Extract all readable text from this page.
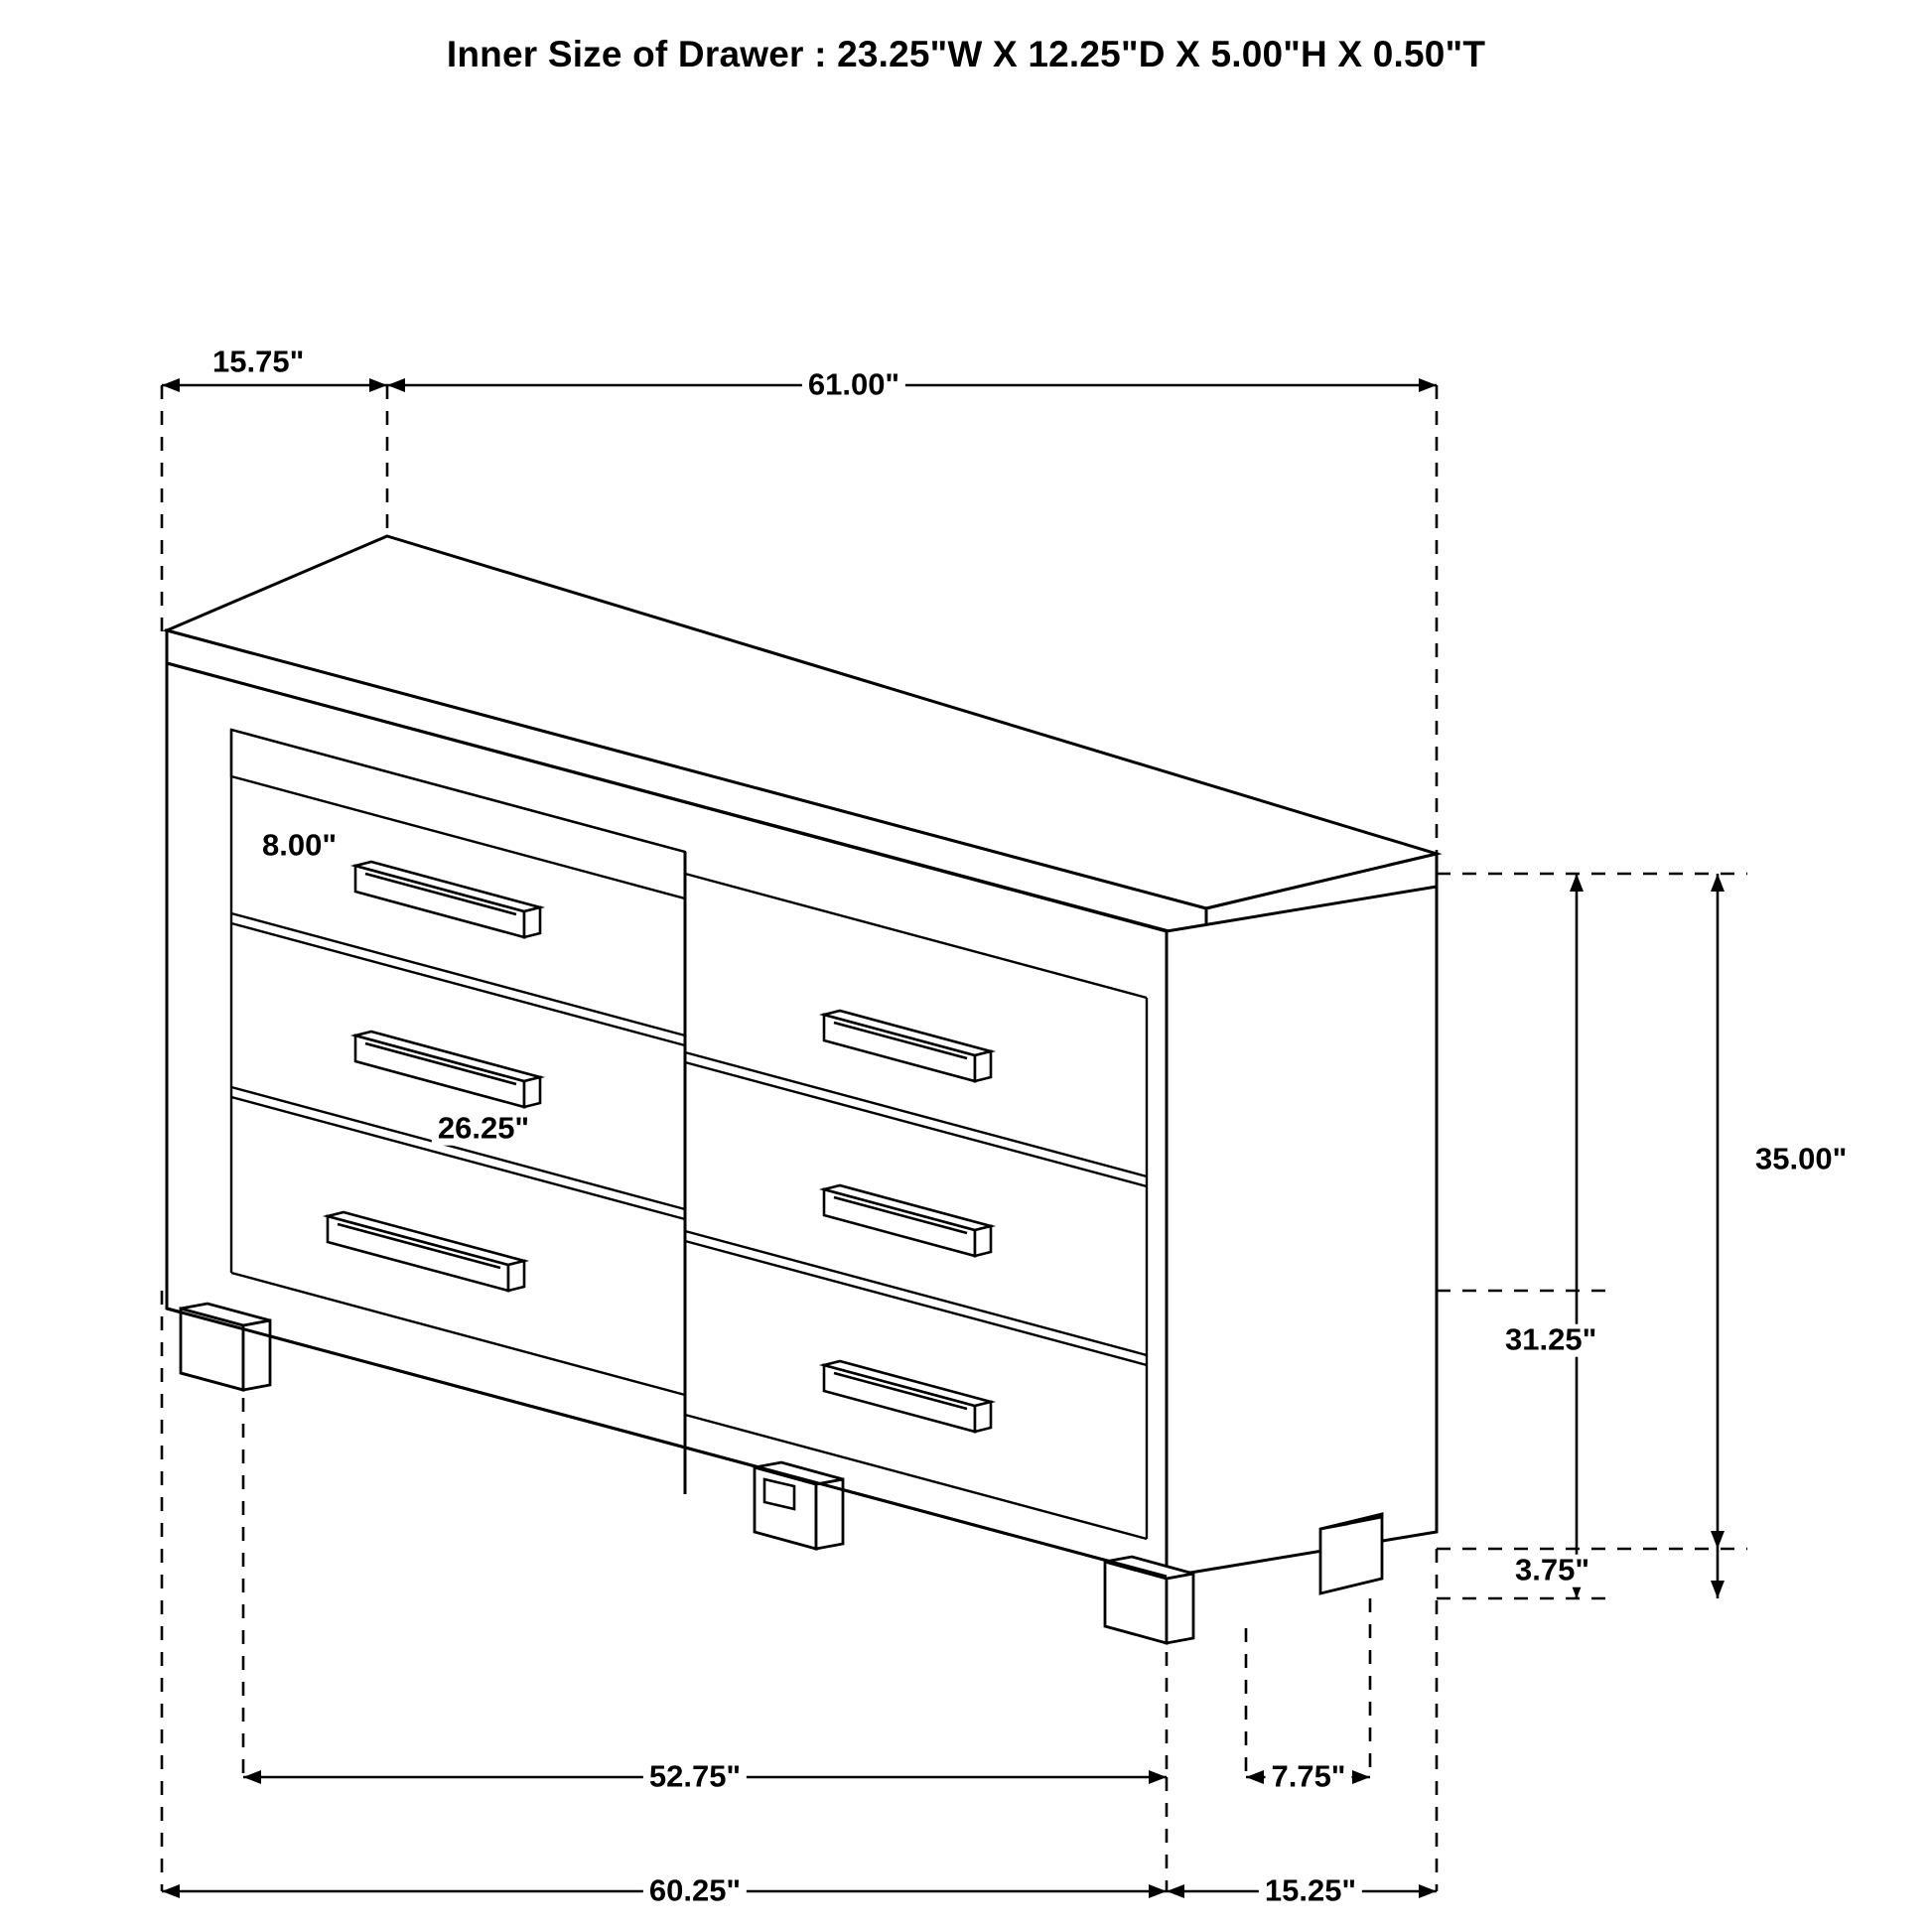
Inner Size of Drawer : 23.25"W X 12.25"D X 5.00"H X 0.50"T
15.75"
61.00"
8.00"
26.25"
35.00"
31.25"
3.75"
52.75"	7.75"
60.25"	15.25"
